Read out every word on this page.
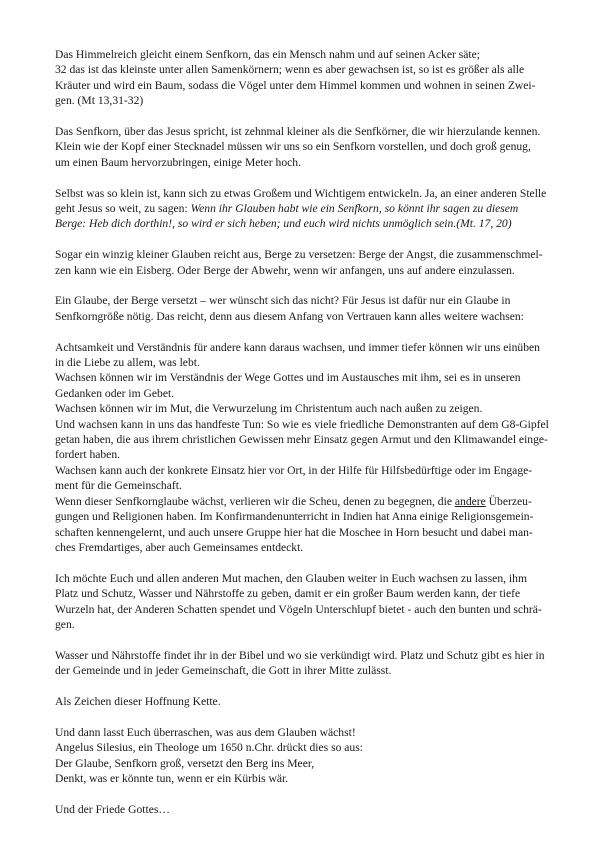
Das Himmelreich gleicht einem Senfkorn, das ein Mensch nahm und auf seinen Acker säte;
32 das ist das kleinste unter allen Samenkörnern; wenn es aber gewachsen ist, so ist es größer als alle
Kräuter und wird ein Baum, sodass die Vögel unter dem Himmel kommen und wohnen in seinen Zwei-
gen. (Mt 13,31-32)

Das Senfkorn, über das Jesus spricht, ist zehnmal kleiner als die Senfkörner, die wir hierzulande kennen.
Klein wie der Kopf einer Stecknadel müssen wir uns so ein Senfkorn vorstellen, und doch groß genug,
um einen Baum hervorzubringen, einige Meter hoch.

Selbst was so klein ist, kann sich zu etwas Großem und Wichtigem entwickeln. Ja, an einer anderen Stelle
geht Jesus so weit, zu sagen: Wenn ihr Glauben habt wie ein Senfkorn, so könnt ihr sagen zu diesem
Berge: Heb dich dorthin!, so wird er sich heben; und euch wird nichts unmöglich sein.(Mt. 17, 20)

Sogar ein winzig kleiner Glauben reicht aus, Berge zu versetzen: Berge der Angst, die zusammenschmel-
zen kann wie ein Eisberg. Oder Berge der Abwehr, wenn wir anfangen, uns auf andere einzulassen.

Ein Glaube, der Berge versetzt – wer wünscht sich das nicht? Für Jesus ist dafür nur ein Glaube in
Senfkorngröße nötig. Das reicht, denn aus diesem Anfang von Vertrauen kann alles weitere wachsen:

Achtsamkeit und Verständnis für andere kann daraus wachsen, und immer tiefer können wir uns einüben
in die Liebe zu allem, was lebt.
Wachsen können wir im Verständnis der Wege Gottes und im Austausches mit ihm, sei es in unseren
Gedanken oder im Gebet.
Wachsen können wir im Mut, die Verwurzelung im Christentum auch nach außen zu zeigen.
Und wachsen kann in uns das handfeste Tun: So wie es viele friedliche Demonstranten auf dem G8-Gipfel
getan haben, die aus ihrem christlichen Gewissen mehr Einsatz gegen Armut und den Klimawandel einge-
fordert haben.
Wachsen kann auch der konkrete Einsatz hier vor Ort, in der Hilfe für Hilfsbedürftige oder im Engage-
ment für die Gemeinschaft.
Wenn dieser Senfkornglaube wächst, verlieren wir die Scheu, denen zu begegnen, die andere Überzeu-
gungen und Religionen haben. Im Konfirmandenunterricht in Indien hat Anna einige Religionsgemein-
schaften kennengelernt, und auch unsere Gruppe hier hat die Moschee in Horn besucht und dabei man-
ches Fremdartiges, aber auch Gemeinsames entdeckt.

Ich möchte Euch und allen anderen Mut machen, den Glauben weiter in Euch wachsen zu lassen, ihm
Platz und Schutz, Wasser und Nährstoffe zu geben, damit er ein großer Baum werden kann, der tiefe
Wurzeln hat, der Anderen Schatten spendet und Vögeln Unterschlupf bietet - auch den bunten und schrä-
gen.

Wasser und Nährstoffe findet ihr in der Bibel und wo sie verkündigt wird. Platz und Schutz gibt es hier in
der Gemeinde und in jeder Gemeinschaft, die Gott in ihrer Mitte zulässt.

Als Zeichen dieser Hoffnung Kette.

Und dann lasst Euch überraschen, was aus dem Glauben wächst!
Angelus Silesius, ein Theologe um 1650 n.Chr. drückt dies so aus:
Der Glaube, Senfkorn groß, versetzt den Berg ins Meer,
Denkt, was er könnte tun, wenn er ein Kürbis wär.

Und der Friede Gottes…
